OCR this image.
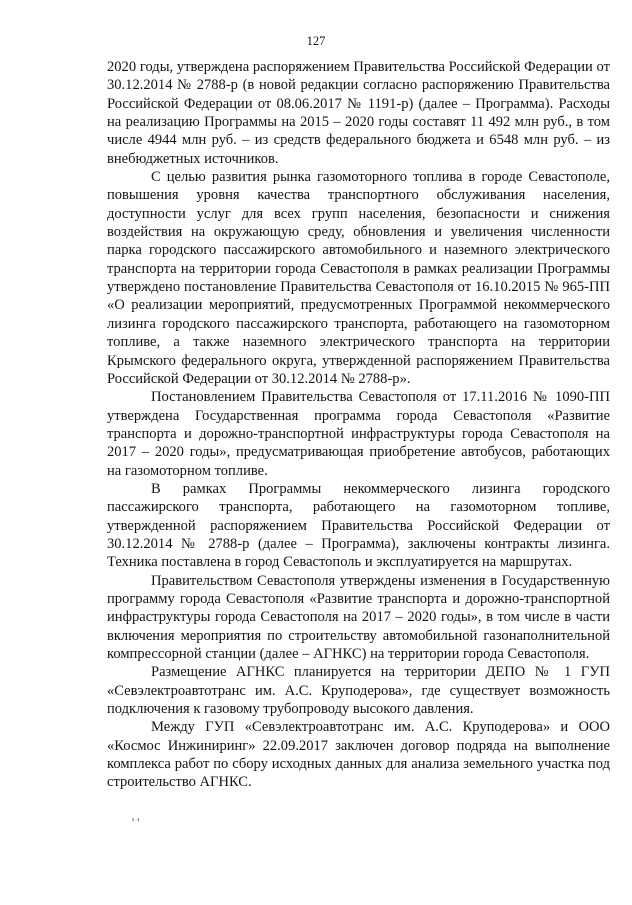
127

2020 годы, утверждена распоряжением Правительства Российской Федерации от 30.12.2014 № 2788-р (в новой редакции согласно распоряжению Правительства Российской Федерации от 08.06.2017 № 1191-р) (далее – Программа). Расходы на реализацию Программы на 2015 – 2020 годы составят 11 492 млн руб., в том числе 4944 млн руб. – из средств федерального бюджета и 6548 млн руб. – из внебюджетных источников.

С целью развития рынка газомоторного топлива в городе Севастополе, повышения уровня качества транспортного обслуживания населения, доступности услуг для всех групп населения, безопасности и снижения воздействия на окружающую среду, обновления и увеличения численности парка городского пассажирского автомобильного и наземного электрического транспорта на территории города Севастополя в рамках реализации Программы утверждено постановление Правительства Севастополя от 16.10.2015 № 965-ПП «О реализации мероприятий, предусмотренных Программой некоммерческого лизинга городского пассажирского транспорта, работающего на газомоторном топливе, а также наземного электрического транспорта на территории Крымского федерального округа, утвержденной распоряжением Правительства Российской Федерации от 30.12.2014 № 2788-р».

Постановлением Правительства Севастополя от 17.11.2016 № 1090-ПП утверждена Государственная программа города Севастополя «Развитие транспорта и дорожно-транспортной инфраструктуры города Севастополя на 2017 – 2020 годы», предусматривающая приобретение автобусов, работающих на газомоторном топливе.

В рамках Программы некоммерческого лизинга городского пассажирского транспорта, работающего на газомоторном топливе, утвержденной распоряжением Правительства Российской Федерации от 30.12.2014 № 2788-р (далее – Программа), заключены контракты лизинга. Техника поставлена в город Севастополь и эксплуатируется на маршрутах.

Правительством Севастополя утверждены изменения в Государственную программу города Севастополя «Развитие транспорта и дорожно-транспортной инфраструктуры города Севастополя на 2017 – 2020 годы», в том числе в части включения мероприятия по строительству автомобильной газонаполнительной компрессорной станции (далее – АГНКС) на территории города Севастополя.

Размещение АГНКС планируется на территории ДЕПО № 1 ГУП «Севэлектроавтотранс им. А.С. Круподерова», где существует возможность подключения к газовому трубопроводу высокого давления.

Между ГУП «Севэлектроавтотранс им. А.С. Круподерова» и ООО «Космос Инжиниринг» 22.09.2017 заключен договор подряда на выполнение комплекса работ по сбору исходных данных для анализа земельного участка под строительство АГНКС.

' '
